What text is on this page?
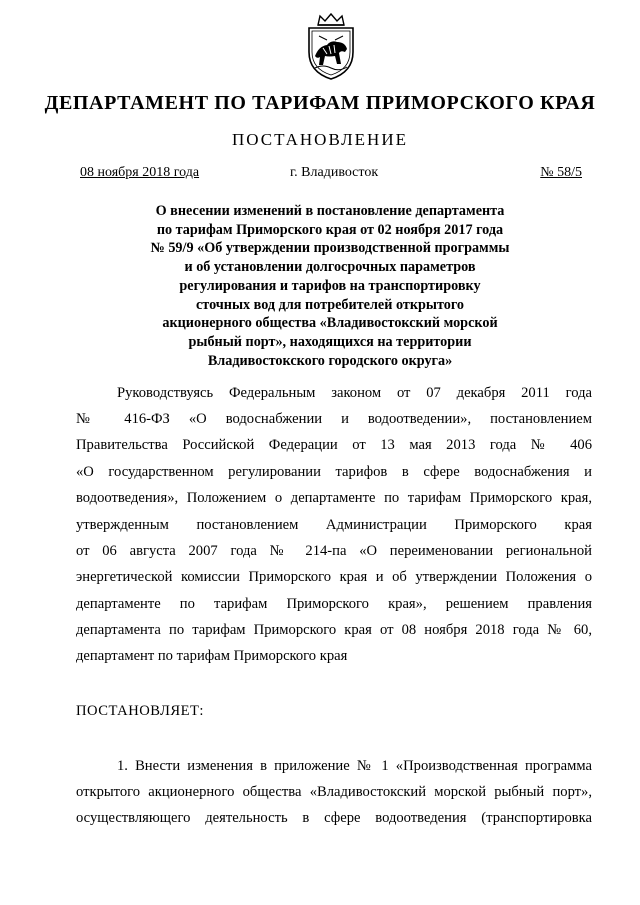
ДЕПАРТАМЕНТ ПО ТАРИФАМ ПРИМОРСКОГО КРАЯ
ПОСТАНОВЛЕНИЕ
08 ноября 2018 года	г. Владивосток	№ 58/5
О внесении изменений в постановление департамента
по тарифам Приморского края от 02 ноября 2017 года
№ 59/9 «Об утверждении производственной программы
и об установлении долгосрочных параметров
регулирования и тарифов на транспортировку
сточных вод для потребителей открытого
акционерного общества «Владивостокский морской
рыбный порт», находящихся на территории
Владивостокского городского округа»
Руководствуясь Федеральным законом от 07 декабря 2011 года
№ 416-ФЗ «О водоснабжении и водоотведении», постановлением
Правительства Российской Федерации от 13 мая 2013 года № 406
«О государственном регулировании тарифов в сфере водоснабжения и
водоотведения», Положением о департаменте по тарифам Приморского края,
утвержденным постановлением Администрации Приморского края
от 06 августа 2007 года № 214-па «О переименовании региональной
энергетической комиссии Приморского края и об утверждении Положения о
департаменте по тарифам Приморского края», решением правления
департамента по тарифам Приморского края от 08 ноября 2018 года № 60,
департамент по тарифам Приморского края
ПОСТАНОВЛЯЕТ:
1. Внести изменения в приложение № 1 «Производственная программа
открытого акционерного общества «Владивостокский морской рыбный порт»,
осуществляющего деятельность в сфере водоотведения (транспортировка
